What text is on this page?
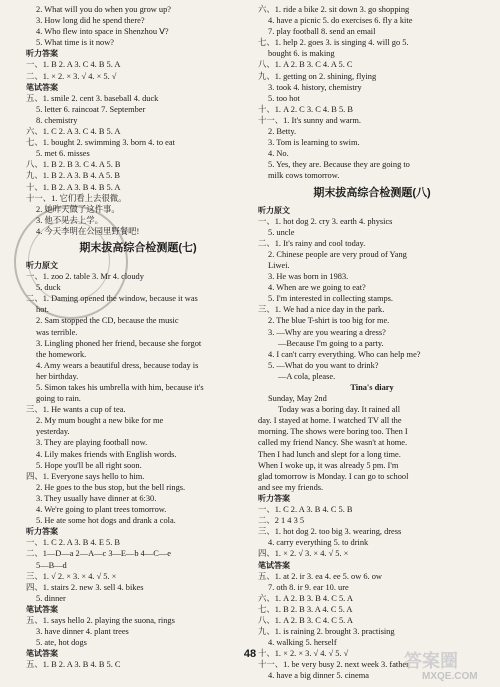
2. What will you do when you grow up?
3. How long did he spend there?
4. Who flew into space in Shenzhou Ⅴ?
5. What time is it now?
听力答案
一、1. B 2. A 3. C 4. B 5. A
二、1. × 2. × 3. √ 4. × 5. √
笔试答案
五、1. smile 2. cent 3. baseball 4. duck
5. letter 6. raincoat 7. September
8. chemistry
六、1. C 2. A 3. C 4. B 5. A
七、1. bought 2. swimming 3. born 4. to eat
5. met 6. misses
八、1. B 2. B 3. C 4. A 5. B
九、1. B 2. A 3. B 4. A 5. B
十、1. B 2. A 3. B 4. B 5. A
十一、1. 它们看上去很微。
2. 她昨天做了这件事。
3. 他不见去上学。
4. 今天李明在公园里野餐吧!
期末拔高综合检测题(七)
听力原文
一、1. zoo 2. table 3. Mr 4. cloudy
5. duck
二、1. Daming opened the window, because it was
hot.
2. Sam stopped the CD, because the music
was terrible.
3. Lingling phoned her friend, because she forgot
the homework.
4. Amy wears a beautiful dress, because today is
her birthday.
5. Simon takes his umbrella with him, because it's
going to rain.
三、1. He wants a cup of tea.
2. My mum bought a new bike for me
yesterday.
3. They are playing football now.
4. Lily makes friends with English words.
5. Hope you'll be all right soon.
四、1. Everyone says hello to him.
2. He goes to the bus stop, but the bell rings.
3. They usually have dinner at 6:30.
4. We're going to plant trees tomorrow.
5. He ate some hot dogs and drank a cola.
听力答案
一、1. C 2. A 3. B 4. E 5. B
二、1—D—a 2—A—c 3—E—b 4—C—e
5—B—d
三、1. √ 2. × 3. × 4. √ 5. ×
四、1. stairs 2. new 3. sell 4. bikes
5. dinner
笔试答案
五、1. says hello 2. playing the suona, rings
3. have dinner 4. plant trees
5. ate, hot dogs
笔试答案
五、1. B 2. A 3. B 4. B 5. C
六、1. ride a bike 2. sit down 3. go shopping
4. have a picnic 5. do exercises 6. fly a kite
7. play football 8. send an email
七、1. help 2. goes 3. is singing 4. will go 5.
bought 6. is making
八、1. A 2. B 3. C 4. A 5. C
九、1. getting on 2. shining, flying
3. took 4. history, chemistry
5. too hot
十、1. A 2. C 3. C 4. B 5. B
十一、1. It's sunny and warm.
2. Betty.
3. Tom is learning to swim.
4. No.
5. Yes, they are. Because they are going to
milk cows tomorrow.
期末拔高综合检测题(八)
听力原文
一、1. hot dog 2. cry 3. earth 4. physics
5. uncle
二、1. It's rainy and cool today.
2. Chinese people are very proud of Yang
Liwei.
3. He was born in 1983.
4. When are we going to eat?
5. I'm interested in collecting stamps.
三、1. We had a nice day in the park.
2. The blue T-shirt is too big for me.
3. —Why are you wearing a dress?
—Because I'm going to a party.
4. I can't carry everything. Who can help me?
5. —What do you want to drink?
—A cola, please.
Tina's diary
Sunday, May 2nd
Today was a boring day. It rained all
day. I stayed at home. I watched TV all the
morning. The shows were boring too. Then I
called my friend Nancy. She wasn't at home.
Then I had lunch and slept for a long time.
When I woke up, it was already 5 pm. I'm
glad tomorrow is Monday. I can go to school
and see my friends.
听力答案
一、1. C 2. A 3. B 4. C 5. B
二、2 1 4 3 5
三、1. hot dog 2. too big 3. wearing, dress
4. carry everything 5. to drink
四、1. × 2. √ 3. × 4. √ 5. ×
笔试答案
五、1. at 2. ir 3. ea 4. ee 5. ow 6. ow
7. oth 8. ir 9. ear 10. ure
六、1. A 2. B 3. B 4. C 5. A
七、1. B 2. B 3. A 4. C 5. A
八、1. A 2. B 3. C 4. C 5. A
九、1. is raining 2. brought 3. practising
4. walking 5. herself
十、1. × 2. × 3. √ 4. √ 5. √
十一、1. be very busy 2. next week 3. father
4. have a big dinner 5. cinema
48	答案圈
MXQE.COM
